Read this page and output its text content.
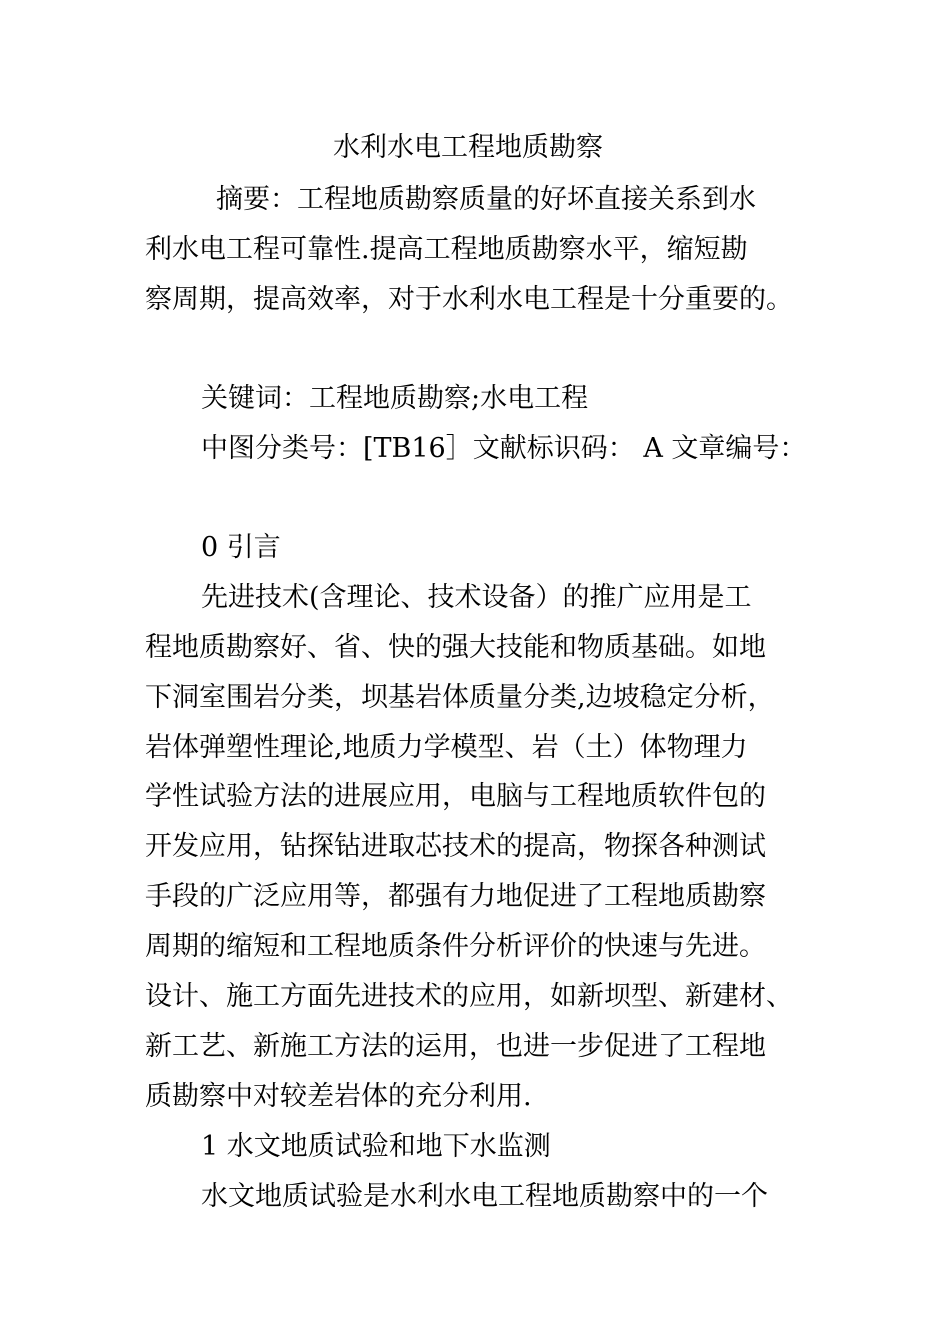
水利水电工程地质勘察
摘要：工程地质勘察质量的好坏直接关系到水
利水电工程可靠性.提高工程地质勘察水平，缩短勘
察周期，提高效率，对于水利水电工程是十分重要的。
关键词：工程地质勘察;水电工程
中图分类号：[TB16］文献标识码： A 文章编号：
0 引言
先进技术(含理论、技术设备）的推广应用是工
程地质勘察好、省、快的强大技能和物质基础。如地
下洞室围岩分类，坝基岩体质量分类,边坡稳定分析，
岩体弹塑性理论,地质力学模型、岩（土）体物理力
学性试验方法的进展应用，电脑与工程地质软件包的
开发应用，钻探钻进取芯技术的提高，物探各种测试
手段的广泛应用等，都强有力地促进了工程地质勘察
周期的缩短和工程地质条件分析评价的快速与先进。
设计、施工方面先进技术的应用，如新坝型、新建材、
新工艺、新施工方法的运用，也进一步促进了工程地
质勘察中对较差岩体的充分利用.
1 水文地质试验和地下水监测
水文地质试验是水利水电工程地质勘察中的一个
